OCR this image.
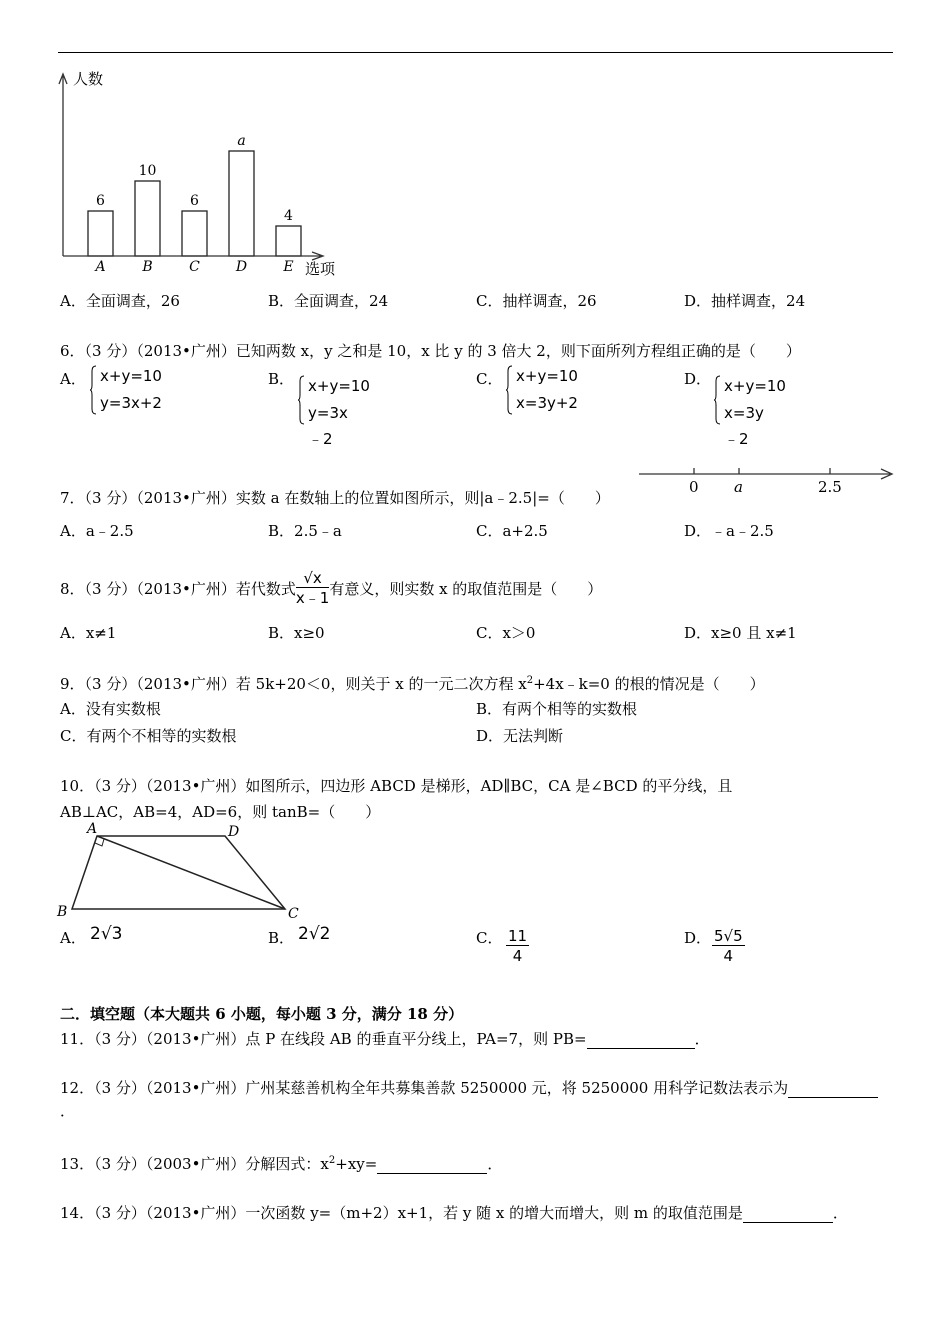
6
A
10
B
6
C
a
D
4
E
人数
选项
A．全面调查，26	B．全面调查，24	C．抽样调查，26	D．抽样调查，24
6．（3 分）（2013•广州）已知两数 x，y 之和是 10，x 比 y 的 3 倍大 2，则下面所列方程组正确的是（　　）
A． x+y=10
y=3x+2
B． x+y=10
y=3x﹣2
C． x+y=10
x=3y+2
D． x+y=10
x=3y﹣2
7．（3 分）（2013•广州）实数 a 在数轴上的位置如图所示，则|a﹣2.5|=（　　）
0 a	2.5
A．a﹣2.5	B．2.5﹣a	C．a+2.5	D．﹣a﹣2.5
8．（3 分）（2013•广州）若代数式 $\frac{√x}{x﹣1}$ 有意义，则实数 x 的取值范围是（　　）
A．x≠1	B．x≥0	C．x＞0	D．x≥0 且 x≠1
9．（3 分）（2013•广州）若 5k+20＜0，则关于 x 的一元二次方程 $x^2+4x﹣k=0$ 的根的情况是（　　）
A．没有实数根	B．有两个相等的实数根
C．有两个不相等的实数根	D．无法判断
10．（3 分）（2013•广州）如图所示，四边形 ABCD 是梯形，AD∥BC，CA 是∠BCD 的平分线，且
AB⊥AC，AB=4，AD=6，则 tanB=（　　）
A
B	C
D
A． 2√3	B． 2√2	C． $\frac{11}{4}$	D． $\frac{5√5}{4}$
二．填空题（本大题共 6 小题，每小题 3 分，满分 18 分）
11．（3 分）（2013•广州）点 P 在线段 AB 的垂直平分线上，PA=7，则 PB=	．
12．（3 分）（2013•广州）广州某慈善机构全年共募集善款 5250000 元，将 5250000 用科学记数法表示为
．
13．（3 分）（2003•广州）分解因式：$x^2+xy=$	．
14．（3 分）（2013•广州）一次函数 y=（m+2）x+1，若 y 随 x 的增大而增大，则 m 的取值范围是	．
